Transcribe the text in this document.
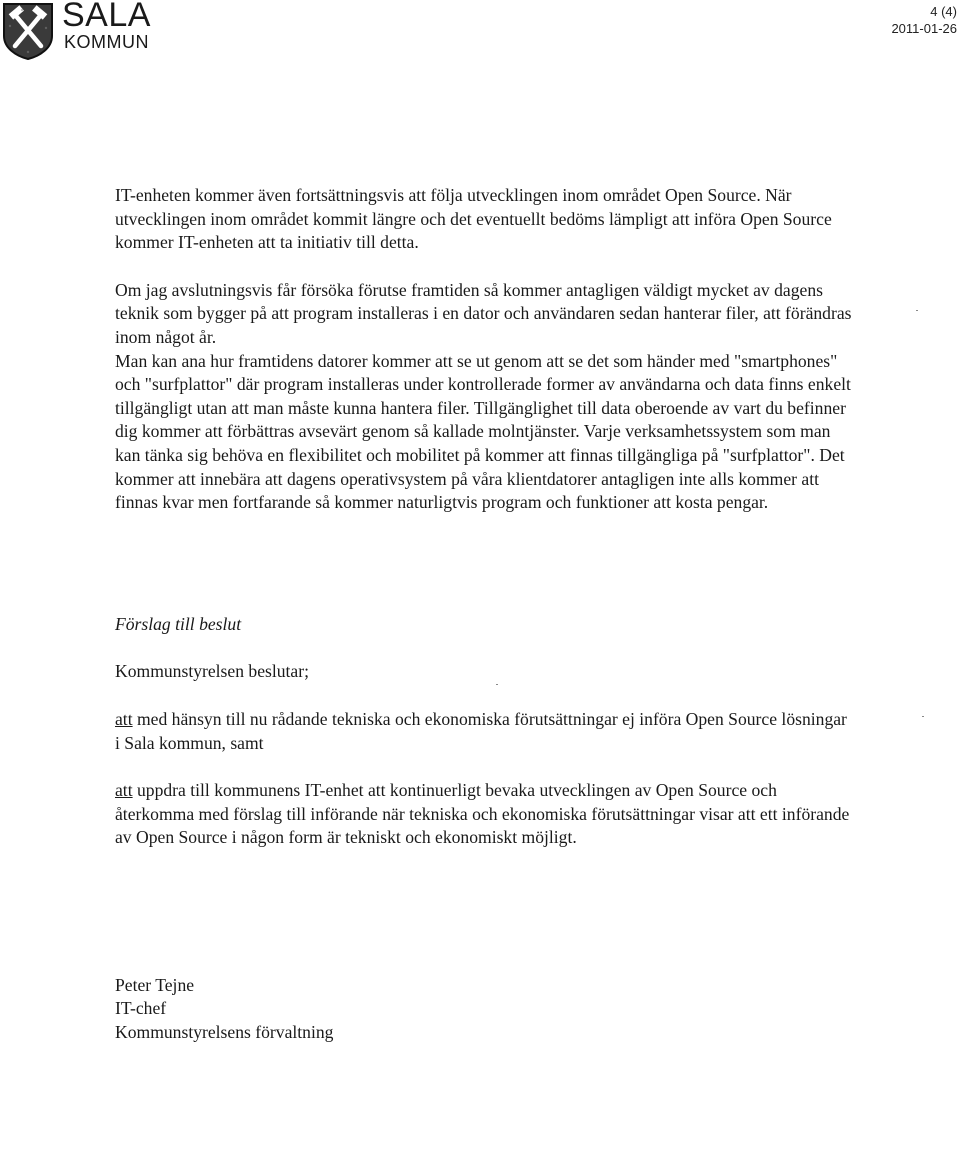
SALA
KOMMUN
4 (4)
2011-01-26

IT-enheten kommer även fortsättningsvis att följa utvecklingen inom området Open Source. När utvecklingen inom området kommit längre och det eventuellt bedöms lämpligt att införa Open Source kommer IT-enheten att ta initiativ till detta.

Om jag avslutningsvis får försöka förutse framtiden så kommer antagligen väldigt mycket av dagens teknik som bygger på att program installeras i en dator och användaren sedan hanterar filer, att förändras inom något år.

Man kan ana hur framtidens datorer kommer att se ut genom att se det som händer med "smartphones" och "surfplattor" där program installeras under kontrollerade former av användarna och data finns enkelt tillgängligt utan att man måste kunna hantera filer. Tillgänglighet till data oberoende av vart du befinner dig kommer att förbättras avsevärt genom så kallade molntjänster. Varje verksamhetssystem som man kan tänka sig behöva en flexibilitet och mobilitet på kommer att finnas tillgängliga på "surfplattor". Det kommer att innebära att dagens operativsystem på våra klientdatorer antagligen inte alls kommer att finnas kvar men fortfarande så kommer naturligtvis program och funktioner att kosta pengar.

Förslag till beslut

Kommunstyrelsen beslutar;

att med hänsyn till nu rådande tekniska och ekonomiska förutsättningar ej införa Open Source lösningar i Sala kommun, samt

att uppdra till kommunens IT-enhet att kontinuerligt bevaka utvecklingen av Open Source och återkomma med förslag till införande när tekniska och ekonomiska förutsättningar visar att ett införande av Open Source i någon form är tekniskt och ekonomiskt möjligt.

Peter Tejne

IT-chef

Kommunstyrelsens förvaltning
